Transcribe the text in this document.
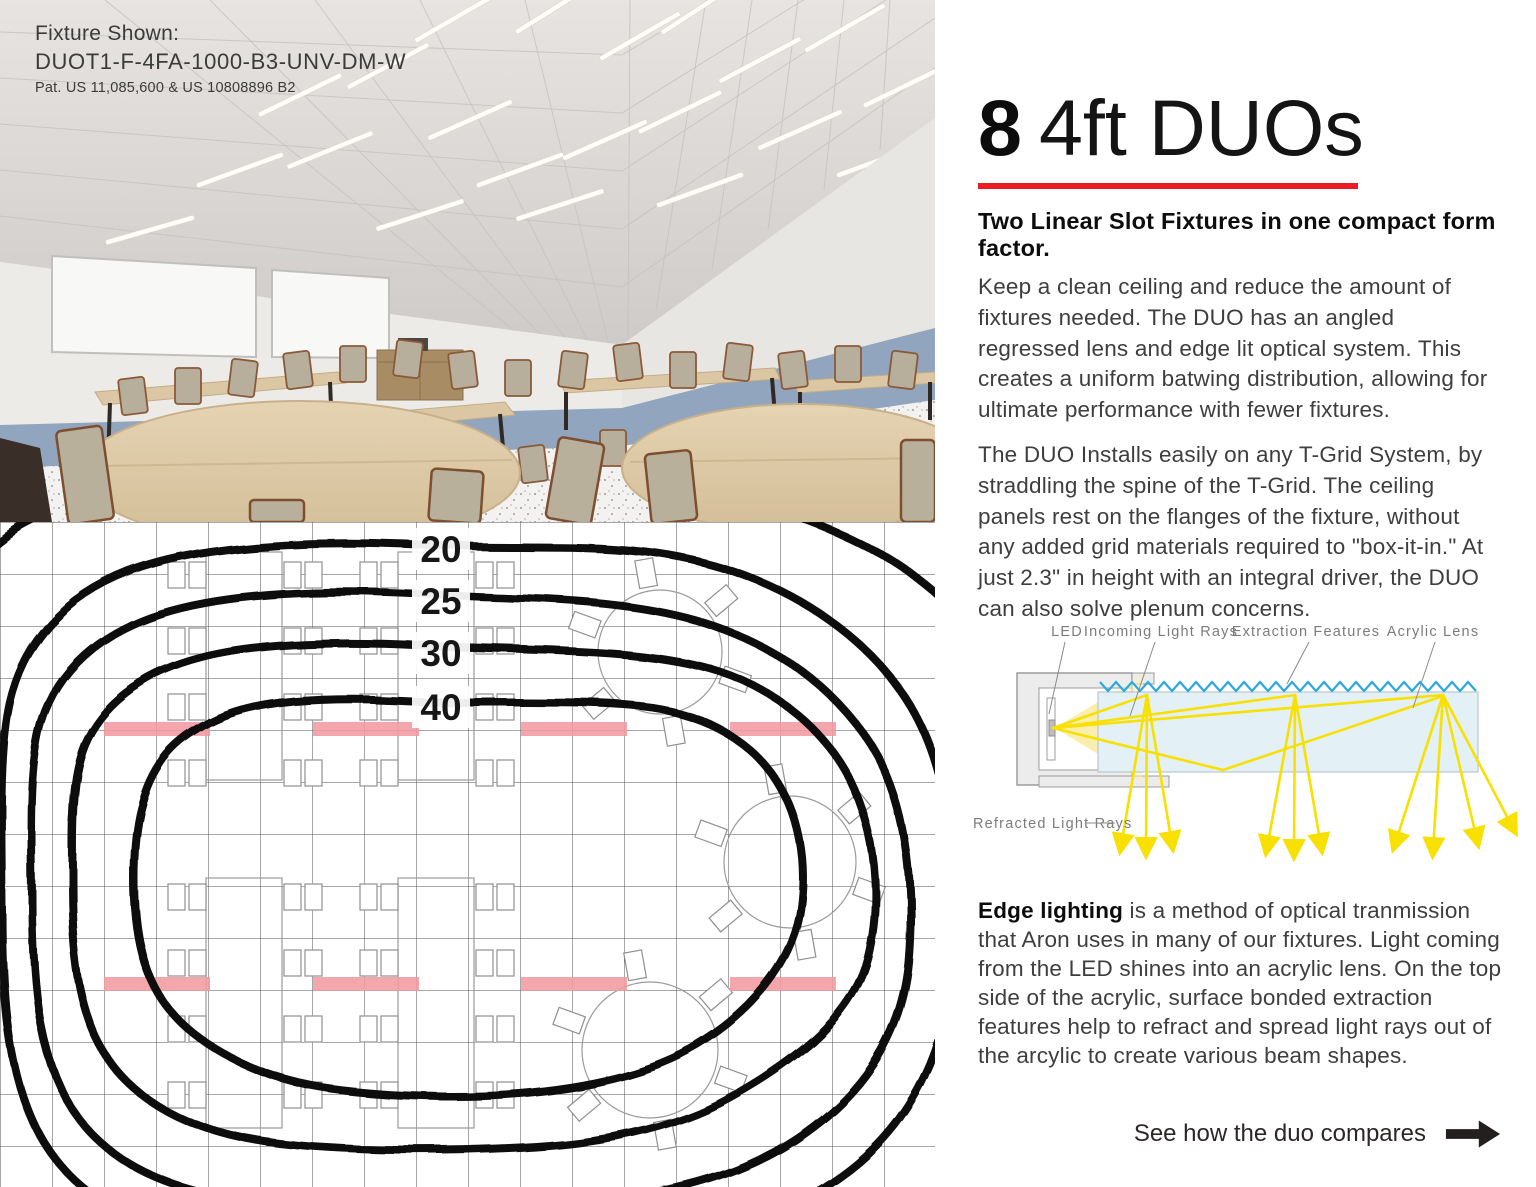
Fixture Shown:
DUOT1-F-4FA-1000-B3-UNV-DM-W
Pat. US 11,085,600 & US 10808896 B2
20
25
30
40
8 4ft DUOs
Two Linear Slot Fixtures in one compact form factor.
Keep a clean ceiling and reduce the amount of fixtures needed. The DUO has an angled regressed lens and edge lit optical system. This creates a uniform batwing distribution, allowing for ultimate performance with fewer fixtures.
The DUO Installs easily on any T-Grid System, by straddling the spine of the T-Grid. The ceiling panels rest on the flanges of the fixture, without any added grid materials required to "box-it-in." At just 2.3" in height with an integral driver, the DUO can also solve plenum concerns.
LED Incoming Light Rays
Extraction Features Acrylic Lens
Refracted Light Rays
Edge lighting is a method of optical tranmission that Aron uses in many of our fixtures. Light coming from the LED shines into an acrylic lens. On the top side of the acrylic, surface bonded extraction features help to refract and spread light rays out of the arcylic to create various beam shapes.
See how the duo compares
